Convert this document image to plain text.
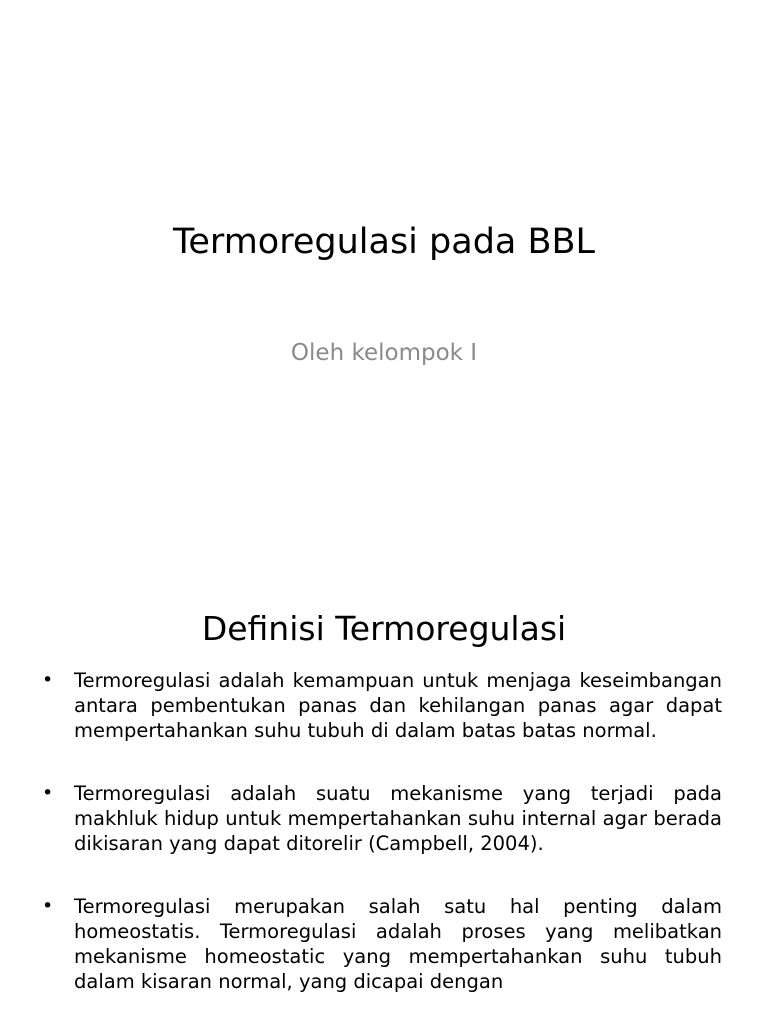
Termoregulasi pada BBL

Oleh kelompok I

Definisi Termoregulasi
• Termoregulasi adalah kemampuan untuk menjaga keseimbangan antara pembentukan panas dan kehilangan panas agar dapat mempertahankan suhu tubuh di dalam batas batas normal.
• Termoregulasi adalah suatu mekanisme yang terjadi pada makhluk hidup untuk mempertahankan suhu internal agar berada dikisaran yang dapat ditorelir (Campbell, 2004).
• Termoregulasi merupakan salah satu hal penting dalam homeostatis. Termoregulasi adalah proses yang melibatkan mekanisme homeostatic yang mempertahankan suhu tubuh dalam kisaran normal, yang dicapai dengan
